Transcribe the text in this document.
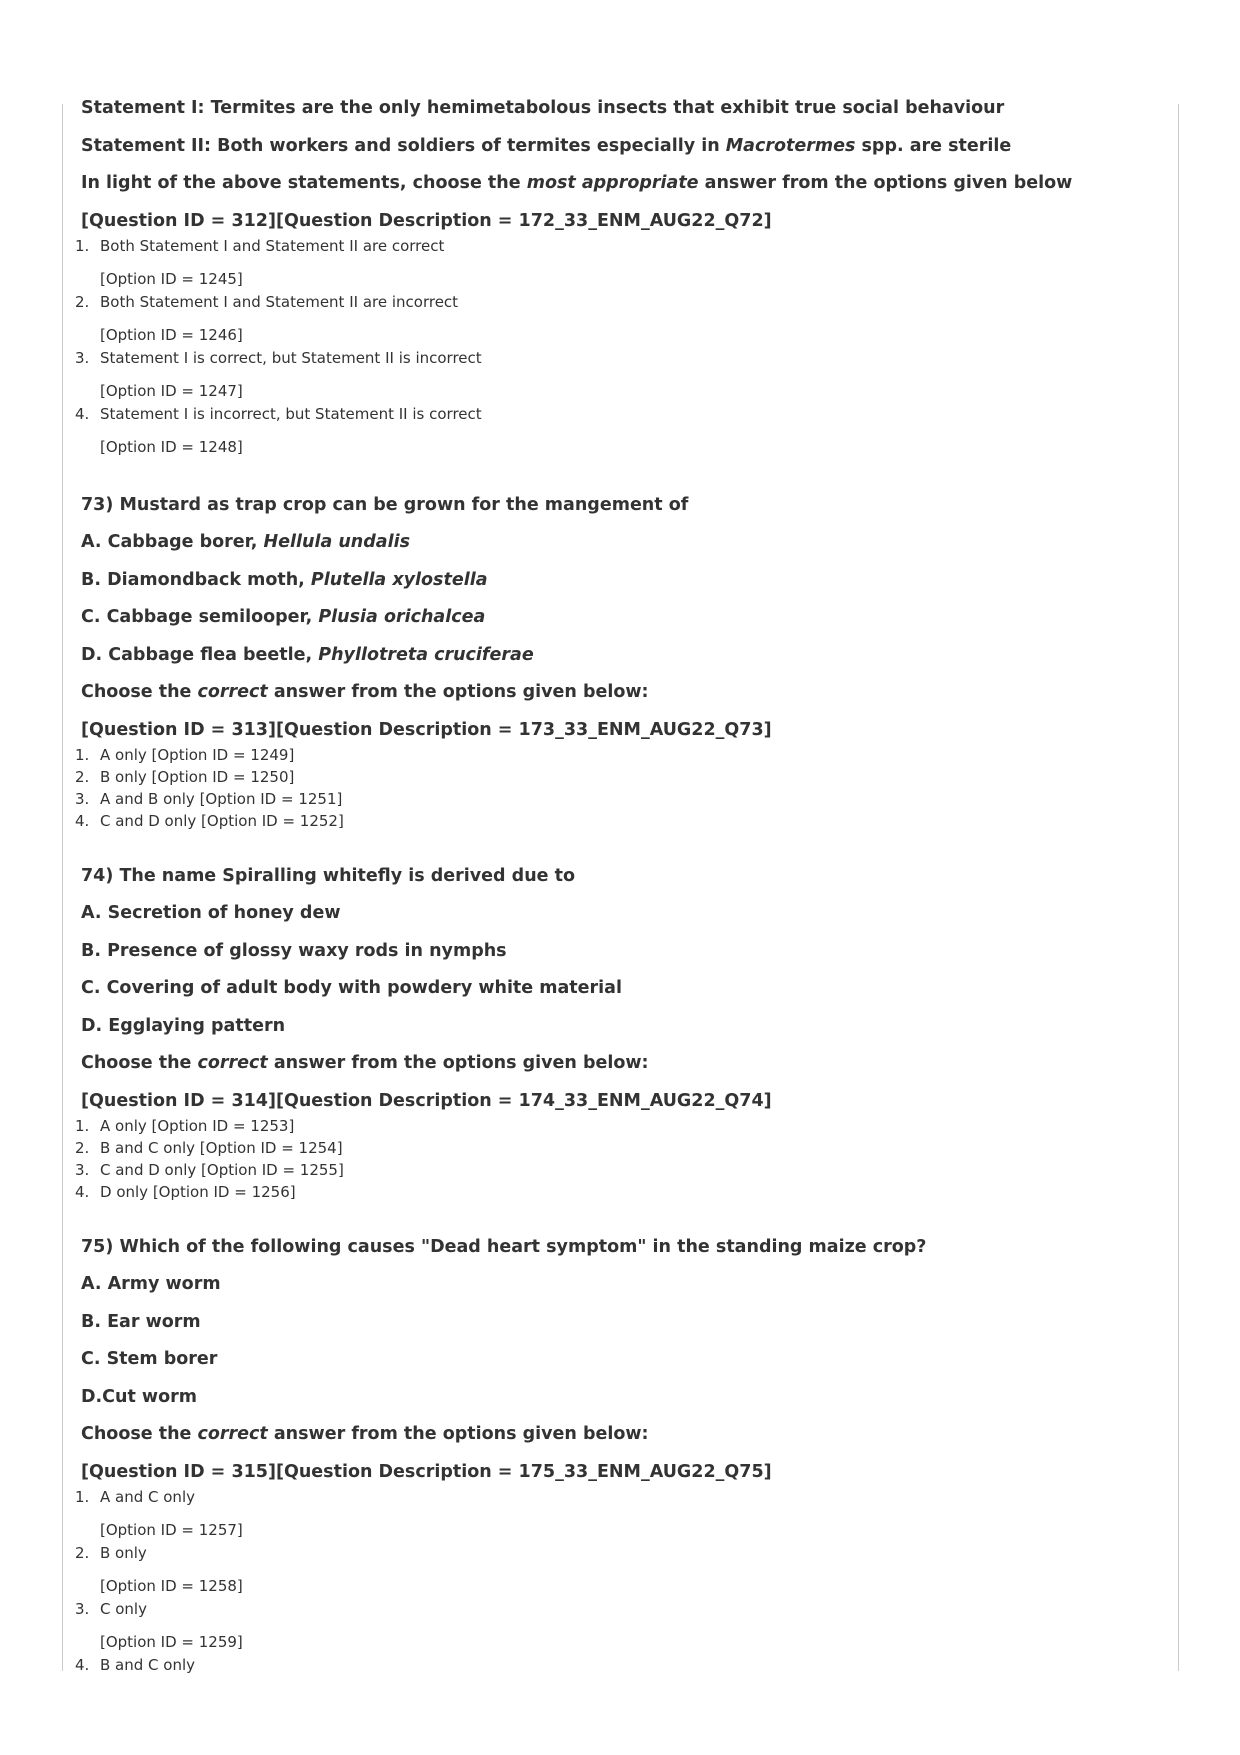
Statement I: Termites are the only hemimetabolous insects that exhibit true social behaviour
Statement II: Both workers and soldiers of termites especially in Macrotermes spp. are sterile
In light of the above statements, choose the most appropriate answer from the options given below
[Question ID = 312][Question Description = 172_33_ENM_AUG22_Q72]
1. Both Statement I and Statement II are correct
[Option ID = 1245]
2. Both Statement I and Statement II are incorrect
[Option ID = 1246]
3. Statement I is correct, but Statement II is incorrect
[Option ID = 1247]
4. Statement I is incorrect, but Statement II is correct
[Option ID = 1248]
73) Mustard as trap crop can be grown for the mangement of
A. Cabbage borer, Hellula undalis
B. Diamondback moth, Plutella xylostella
C. Cabbage semilooper, Plusia orichalcea
D. Cabbage flea beetle, Phyllotreta cruciferae
Choose the correct answer from the options given below:
[Question ID = 313][Question Description = 173_33_ENM_AUG22_Q73]
1. A only [Option ID = 1249]
2. B only [Option ID = 1250]
3. A and B only [Option ID = 1251]
4. C and D only [Option ID = 1252]
74) The name Spiralling whitefly is derived due to
A. Secretion of honey dew
B. Presence of glossy waxy rods in nymphs
C. Covering of adult body with powdery white material
D. Egglaying pattern
Choose the correct answer from the options given below:
[Question ID = 314][Question Description = 174_33_ENM_AUG22_Q74]
1. A only [Option ID = 1253]
2. B and C only [Option ID = 1254]
3. C and D only [Option ID = 1255]
4. D only [Option ID = 1256]
75) Which of the following causes "Dead heart symptom" in the standing maize crop?
A. Army worm
B. Ear worm
C. Stem borer
D.Cut worm
Choose the correct answer from the options given below:
[Question ID = 315][Question Description = 175_33_ENM_AUG22_Q75]
1. A and C only
[Option ID = 1257]
2. B only
[Option ID = 1258]
3. C only
[Option ID = 1259]
4. B and C only
